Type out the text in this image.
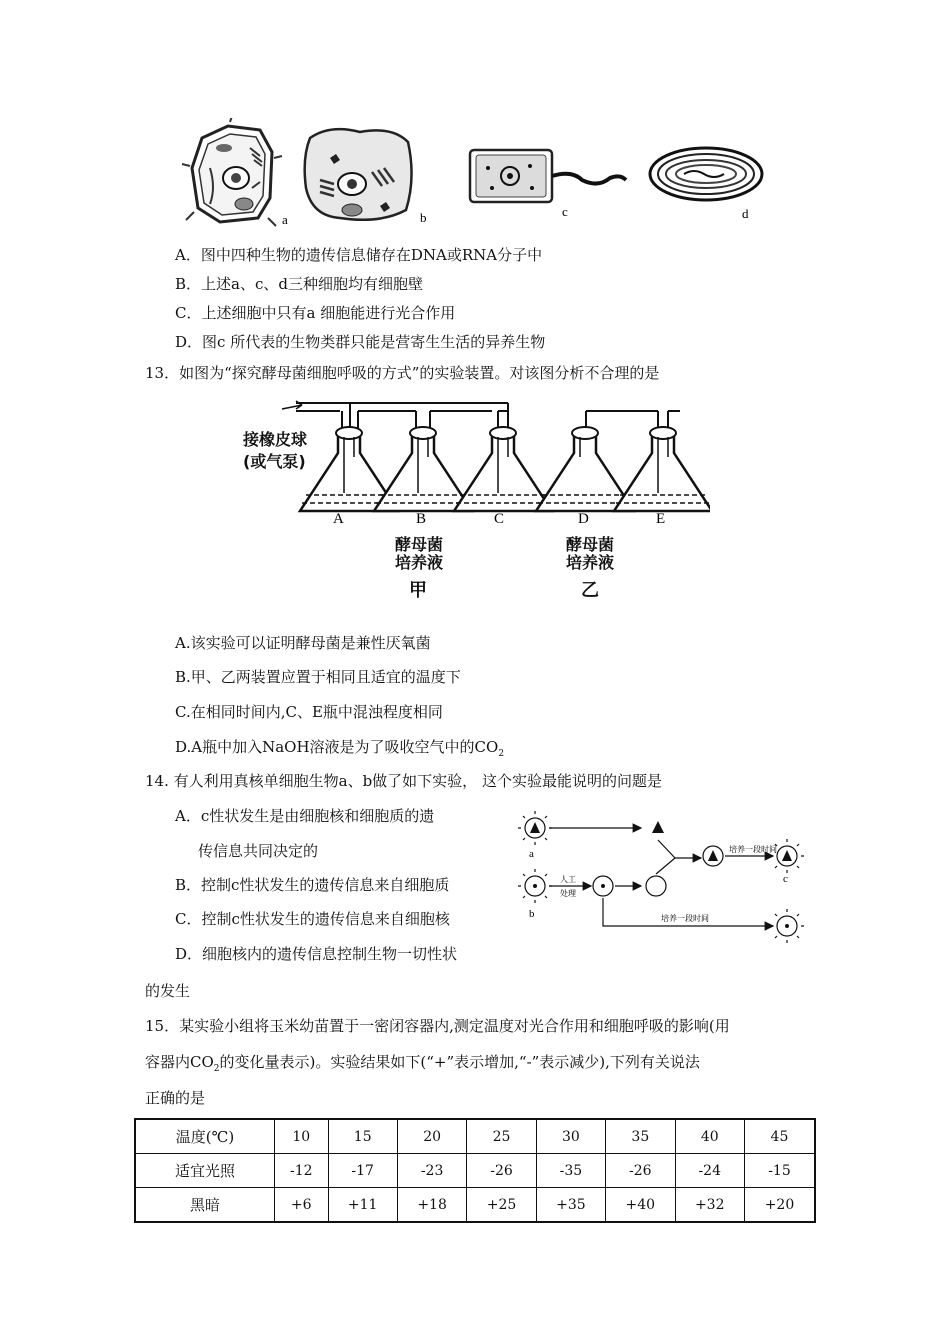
a	b	c	d
A．图中四种生物的遗传信息储存在DNA或RNA分子中
B．上述a、c、d三种细胞均有细胞壁
C．上述细胞中只有a 细胞能进行光合作用
D．图c 所代表的生物类群只能是营寄生生活的异养生物
13．如图为“探究酵母菌细胞呼吸的方式”的实验装置。对该图分析不合理的是
A	B	C	D	E
接橡皮球
(或气泵)
酵母菌
培养液
酵母菌
培养液
甲	乙
A.该实验可以证明酵母菌是兼性厌氧菌
B.甲、乙两装置应置于相同且适宜的温度下
C.在相同时间内,C、E瓶中混浊程度相同
D.A瓶中加入NaOH溶液是为了吸收空气中的$CO_2$
14. 有人利用真核单细胞生物a、b做了如下实验， 这个实验最能说明的问题是
A．c性状发生是由细胞核和细胞质的遗
传信息共同决定的
B．控制c性状发生的遗传信息来自细胞质
C．控制c性状发生的遗传信息来自细胞核
D．细胞核内的遗传信息控制生物一切性状
的发生
a
b
c
人工
处理
培养一段时间
培养一段时间
15．某实验小组将玉米幼苗置于一密闭容器内,测定温度对光合作用和细胞呼吸的影响(用
容器内$CO_2$的变化量表示)。实验结果如下(“+”表示增加,“-”表示减少),下列有关说法
正确的是
温度(℃)	10	15	20	25	30	35	40	45
适宜光照	-12	-17	-23	-26	-35	-26	-24	-15
黑暗	+6	+11	+18	+25	+35	+40	+32	+20
